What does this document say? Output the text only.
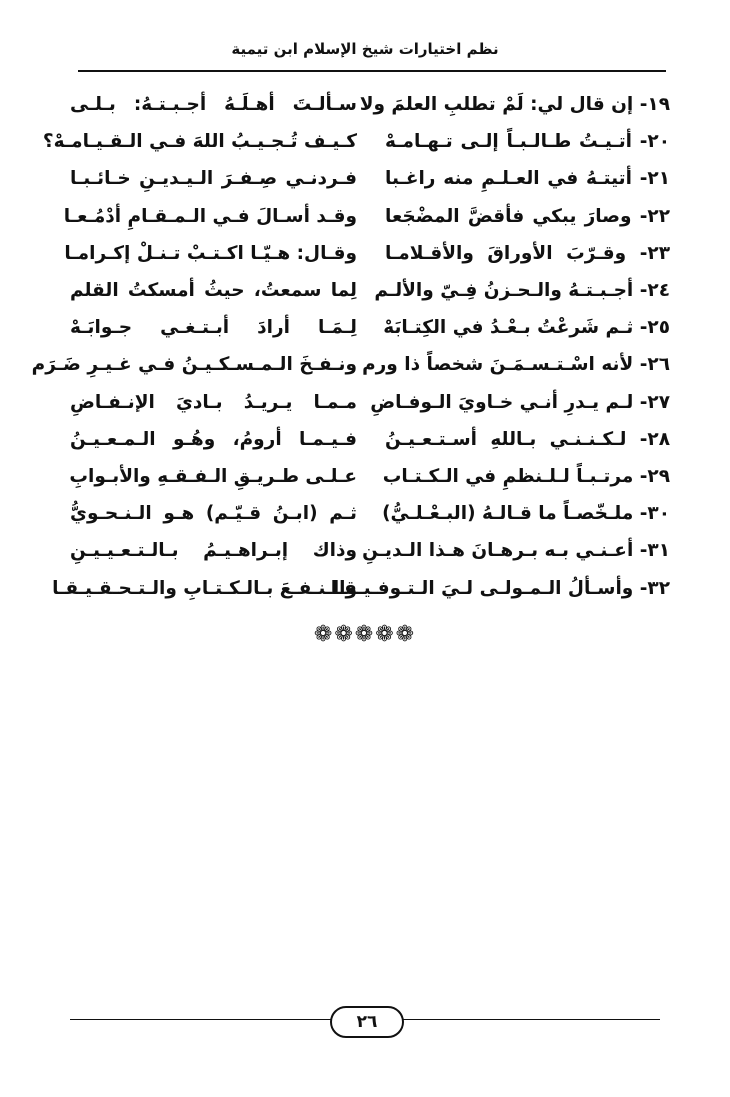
نظم اختيارات شيخ الإسلام ابن تيمية
١٩- إن قال لي: لَمْ تطلبِ العلمَ ولا
سـألـتَ أهـلَـهُ أجـبـتـهُ: بـلـى
٢٠- أتـيـتُ طـالـبـاً إلـى تـهـامـهْ
كـيـف تُـجـيـبُ اللهَ فـي الـقـيـامـهْ؟
٢١- أتيتـهُ في العـلـمِ منه راغـبا
فـردنـي صِـفـرَ الـيـديـنِ خـائـبـا
٢٢- وصارَ يبكي فأقضَّ المضْجَعا
وقـد أسـالَ فـي الـمـقـامِ أدْمُـعـا
٢٣- وقـرّبَ الأوراقَ والأقـلامـا
وقـال: هـيّـا اكـتـبْ تـنـلْ إكـرامـا
٢٤- أجـبـتـهُ والـحـزنُ فِـيّ والألـم
لِما سمعتُ، حيثُ أمسكتُ القلم
٢٥- ثـم شَرعْتُ بـعْـدُ في الكِتـابَهْ
لِـمَـا أرادَ أبـتـغـي جـوابَـهْ
٢٦- لأنه اسْـتـسـمَـنَ شخصاً ذا ورم
ونـفـخَ الـمـسـكـيـنُ فـي غـيـرِ ضَـرَم
٢٧- لـم يـدرِ أنـي خـاويَ الـوفـاضِ
مـمـا يـريـدُ بـاديَ الإنـفـاضِ
٢٨- لـكـنـنـي بـاللهِ أسـتـعـيـنُ
فـيـمـا أرومُ، وهُـو الـمـعـيـنُ
٢٩- مرتـبـاً لـلـنظمِ في الـكـتـاب
عـلـى طـريـقِ الـفـقـهِ والأبـوابِ
٣٠- ملـخّصـاً ما قـالـهُ (البـعْـلـيُّ)
ثـم (ابـنُ قـيّـم) هـو الـنـحـويُّ
٣١- أعـنـي بـه بـرهـانَ هـذا الـديـنِ
وذاك إبـراهـيـمُ بـالـتـعـيـيـنِ
٣٢- وأسـألُ الـمـولـى لـيَ الـتـوفـيـقـا
والـنـفـعَ بـالـكـتـابِ والـتـحـقـيـقـا
❁❁❁❁❁
٢٦
